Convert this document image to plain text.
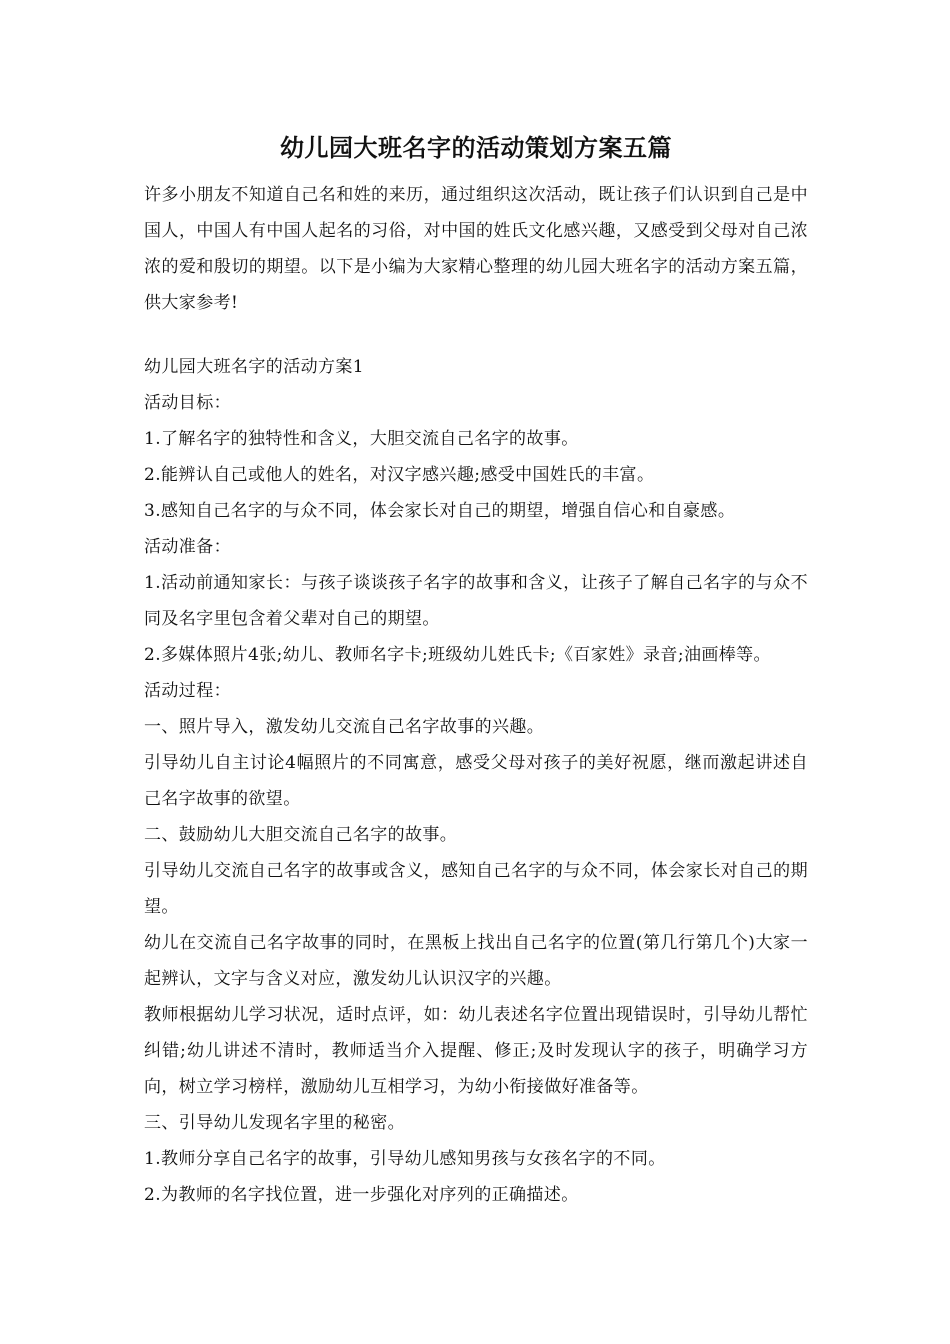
幼儿园大班名字的活动策划方案五篇

许多小朋友不知道自己名和姓的来历，通过组织这次活动，既让孩子们认识到自己是中国人，中国人有中国人起名的习俗，对中国的姓氏文化感兴趣，又感受到父母对自己浓浓的爱和殷切的期望。以下是小编为大家精心整理的幼儿园大班名字的活动方案五篇，供大家参考!

幼儿园大班名字的活动方案1

活动目标：

1.了解名字的独特性和含义，大胆交流自己名字的故事。

2.能辨认自己或他人的姓名，对汉字感兴趣;感受中国姓氏的丰富。

3.感知自己名字的与众不同，体会家长对自己的期望，增强自信心和自豪感。

活动准备：

1.活动前通知家长：与孩子谈谈孩子名字的故事和含义，让孩子了解自己名字的与众不同及名字里包含着父辈对自己的期望。

2.多媒体照片4张;幼儿、教师名字卡;班级幼儿姓氏卡;《百家姓》录音;油画棒等。

活动过程：

一、照片导入，激发幼儿交流自己名字故事的兴趣。

引导幼儿自主讨论4幅照片的不同寓意，感受父母对孩子的美好祝愿，继而激起讲述自己名字故事的欲望。

二、鼓励幼儿大胆交流自己名字的故事。

引导幼儿交流自己名字的故事或含义，感知自己名字的与众不同，体会家长对自己的期望。

幼儿在交流自己名字故事的同时，在黑板上找出自己名字的位置(第几行第几个)大家一起辨认，文字与含义对应，激发幼儿认识汉字的兴趣。

教师根据幼儿学习状况，适时点评，如：幼儿表述名字位置出现错误时，引导幼儿帮忙纠错;幼儿讲述不清时，教师适当介入提醒、修正;及时发现认字的孩子，明确学习方向，树立学习榜样，激励幼儿互相学习，为幼小衔接做好准备等。

三、引导幼儿发现名字里的秘密。

1.教师分享自己名字的故事，引导幼儿感知男孩与女孩名字的不同。

2.为教师的名字找位置，进一步强化对序列的正确描述。
